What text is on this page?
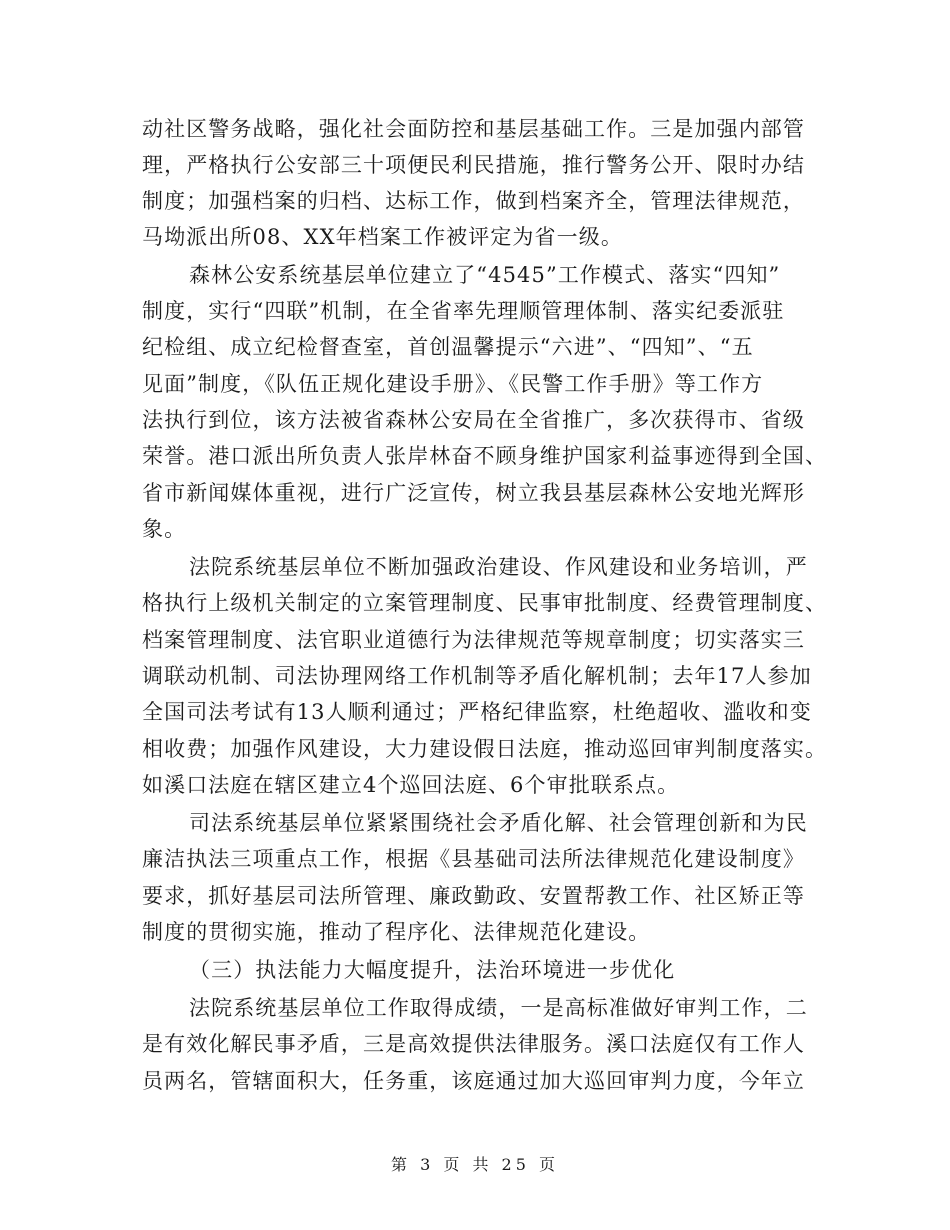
动社区警务战略，强化社会面防控和基层基础工作。三是加强内部管
理，严格执行公安部三十项便民利民措施，推行警务公开、限时办结
制度；加强档案的归档、达标工作，做到档案齐全，管理法律规范，
马坳派出所08、XX年档案工作被评定为省一级。
森林公安系统基层单位建立了“4545”工作模式、落实“四知”
制度，实行“四联”机制，在全省率先理顺管理体制、落实纪委派驻
纪检组、成立纪检督查室，首创温馨提示“六进”、“四知”、“五
见面”制度，《队伍正规化建设手册》、《民警工作手册》等工作方
法执行到位，该方法被省森林公安局在全省推广，多次获得市、省级
荣誉。港口派出所负责人张岸林奋不顾身维护国家利益事迹得到全国、
省市新闻媒体重视，进行广泛宣传，树立我县基层森林公安地光辉形
象。
法院系统基层单位不断加强政治建设、作风建设和业务培训，严
格执行上级机关制定的立案管理制度、民事审批制度、经费管理制度、
档案管理制度、法官职业道德行为法律规范等规章制度；切实落实三
调联动机制、司法协理网络工作机制等矛盾化解机制；去年17人参加
全国司法考试有13人顺利通过；严格纪律监察，杜绝超收、滥收和变
相收费；加强作风建设，大力建设假日法庭，推动巡回审判制度落实。
如溪口法庭在辖区建立4个巡回法庭、6个审批联系点。
司法系统基层单位紧紧围绕社会矛盾化解、社会管理创新和为民
廉洁执法三项重点工作，根据《县基础司法所法律规范化建设制度》
要求，抓好基层司法所管理、廉政勤政、安置帮教工作、社区矫正等
制度的贯彻实施，推动了程序化、法律规范化建设。
（三）执法能力大幅度提升，法治环境进一步优化
法院系统基层单位工作取得成绩，一是高标准做好审判工作，二
是有效化解民事矛盾，三是高效提供法律服务。溪口法庭仅有工作人
员两名，管辖面积大，任务重，该庭通过加大巡回审判力度，今年立
第 3 页 共 25 页
